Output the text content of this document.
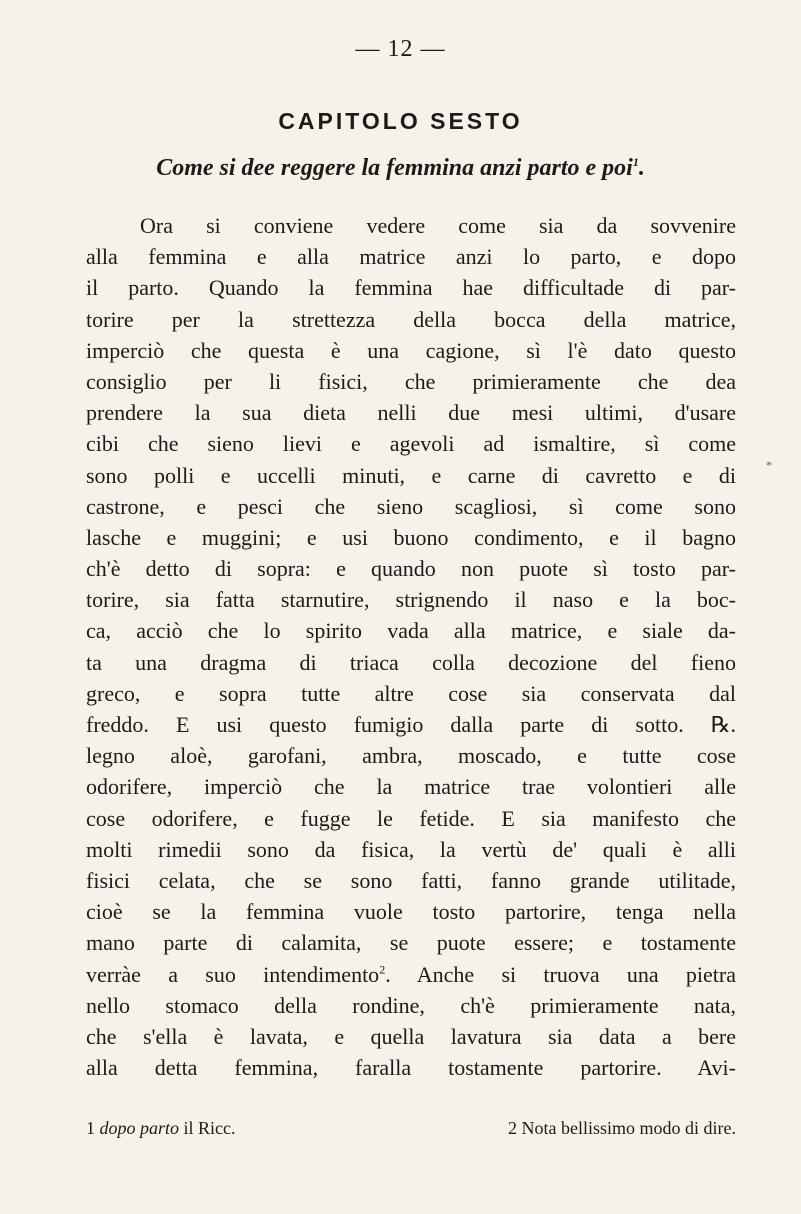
— 12 —
CAPITOLO SESTO
Come si dee reggere la femmina anzi parto e poi$^1$.
Ora si conviene vedere come sia da sovvenire
alla femmina e alla matrice anzi lo parto, e dopo
il parto. Quando la femmina hae difficultade di par-
torire per la strettezza della bocca della matrice,
imperciò che questa è una cagione, sì l'è dato questo
consiglio per li fisici, che primieramente che dea
prendere la sua dieta nelli due mesi ultimi, d'usare
cibi che sieno lievi e agevoli ad ismaltire, sì come
sono polli e uccelli minuti, e carne di cavretto e di
castrone, e pesci che sieno scagliosi, sì come sono
lasche e muggini; e usi buono condimento, e il bagno
ch'è detto di sopra: e quando non puote sì tosto par-
torire, sia fatta starnutire, strignendo il naso e la boc-
ca, acciò che lo spirito vada alla matrice, e siale da-
ta una dragma di triaca colla decozione del fieno
greco, e sopra tutte altre cose sia conservata dal
freddo. E usi questo fumigio dalla parte di sotto. ℞.
legno aloè, garofani, ambra, moscado, e tutte cose
odorifere, imperciò che la matrice trae volontieri alle
cose odorifere, e fugge le fetide. E sia manifesto che
molti rimedii sono da fisica, la vertù de' quali è alli
fisici celata, che se sono fatti, fanno grande utilitade,
cioè se la femmina vuole tosto partorire, tenga nella
mano parte di calamita, se puote essere; e tostamente
verràe a suo intendimento$^2$. Anche si truova una pietra
nello stomaco della rondine, ch'è primieramente nata,
che s'ella è lavata, e quella lavatura sia data a bere
alla detta femmina, faralla tostamente partorire. Avi-
1 dopo parto il Ricc.	2 Nota bellissimo modo di dire.
*
